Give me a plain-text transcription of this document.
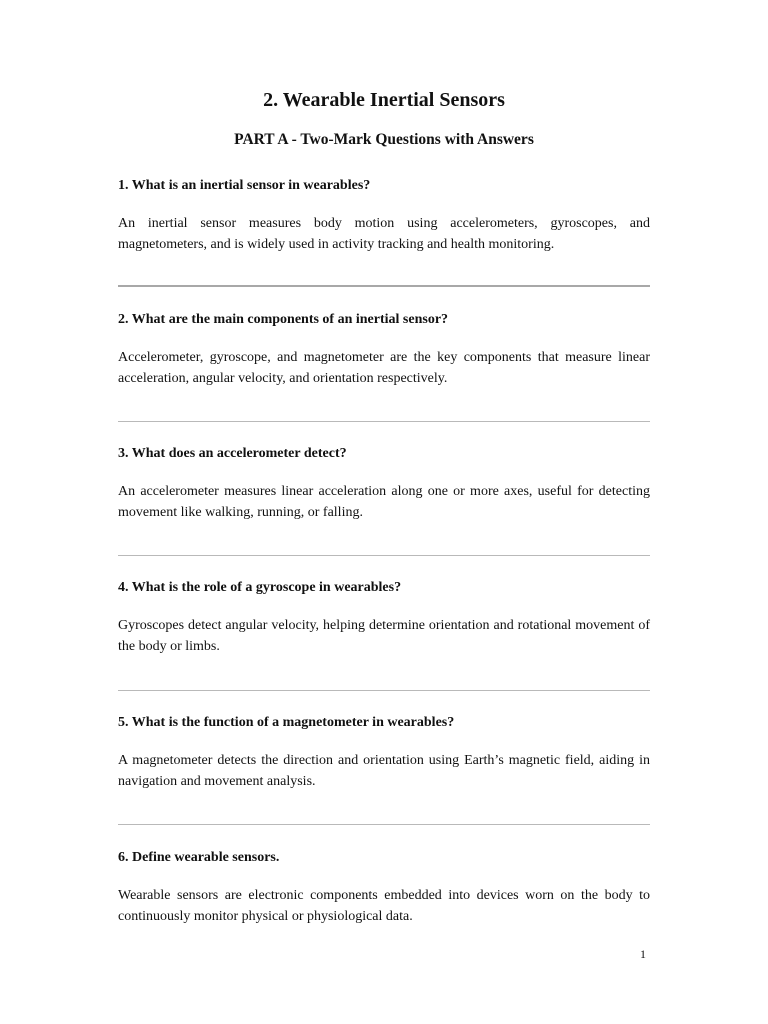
2. Wearable Inertial Sensors
PART A - Two-Mark Questions with Answers

1. What is an inertial sensor in wearables?

An inertial sensor measures body motion using accelerometers, gyroscopes, and magnetometers, and is widely used in activity tracking and health monitoring.

2. What are the main components of an inertial sensor?

Accelerometer, gyroscope, and magnetometer are the key components that measure linear acceleration, angular velocity, and orientation respectively.

3. What does an accelerometer detect?

An accelerometer measures linear acceleration along one or more axes, useful for detecting movement like walking, running, or falling.

4. What is the role of a gyroscope in wearables?

Gyroscopes detect angular velocity, helping determine orientation and rotational movement of the body or limbs.

5. What is the function of a magnetometer in wearables?

A magnetometer detects the direction and orientation using Earth’s magnetic field, aiding in navigation and movement analysis.

6. Define wearable sensors.

Wearable sensors are electronic components embedded into devices worn on the body to continuously monitor physical or physiological data.

1
